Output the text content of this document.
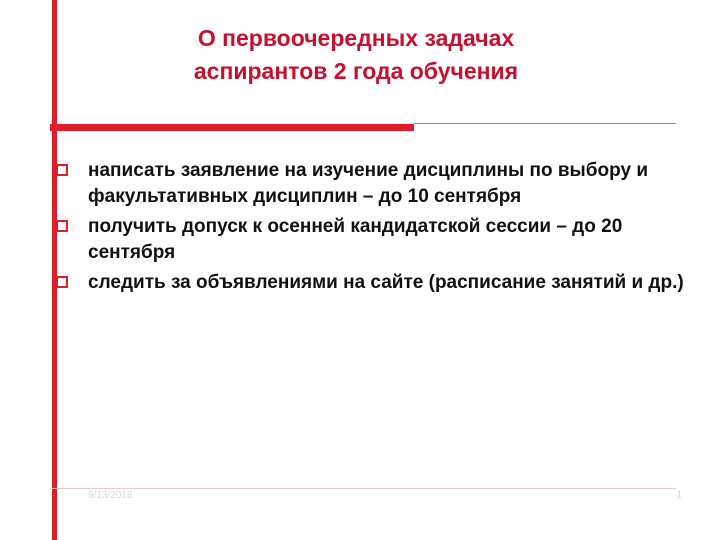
О первоочередных задачах
аспирантов 2 года обучения
написать заявление на изучение дисциплины по выбору и факультативных дисциплин – до 10 сентября
получить допуск к осенней кандидатской сессии – до 20 сентября
следить за объявлениями на сайте (расписание занятий и др.)
9/13/2018	1
